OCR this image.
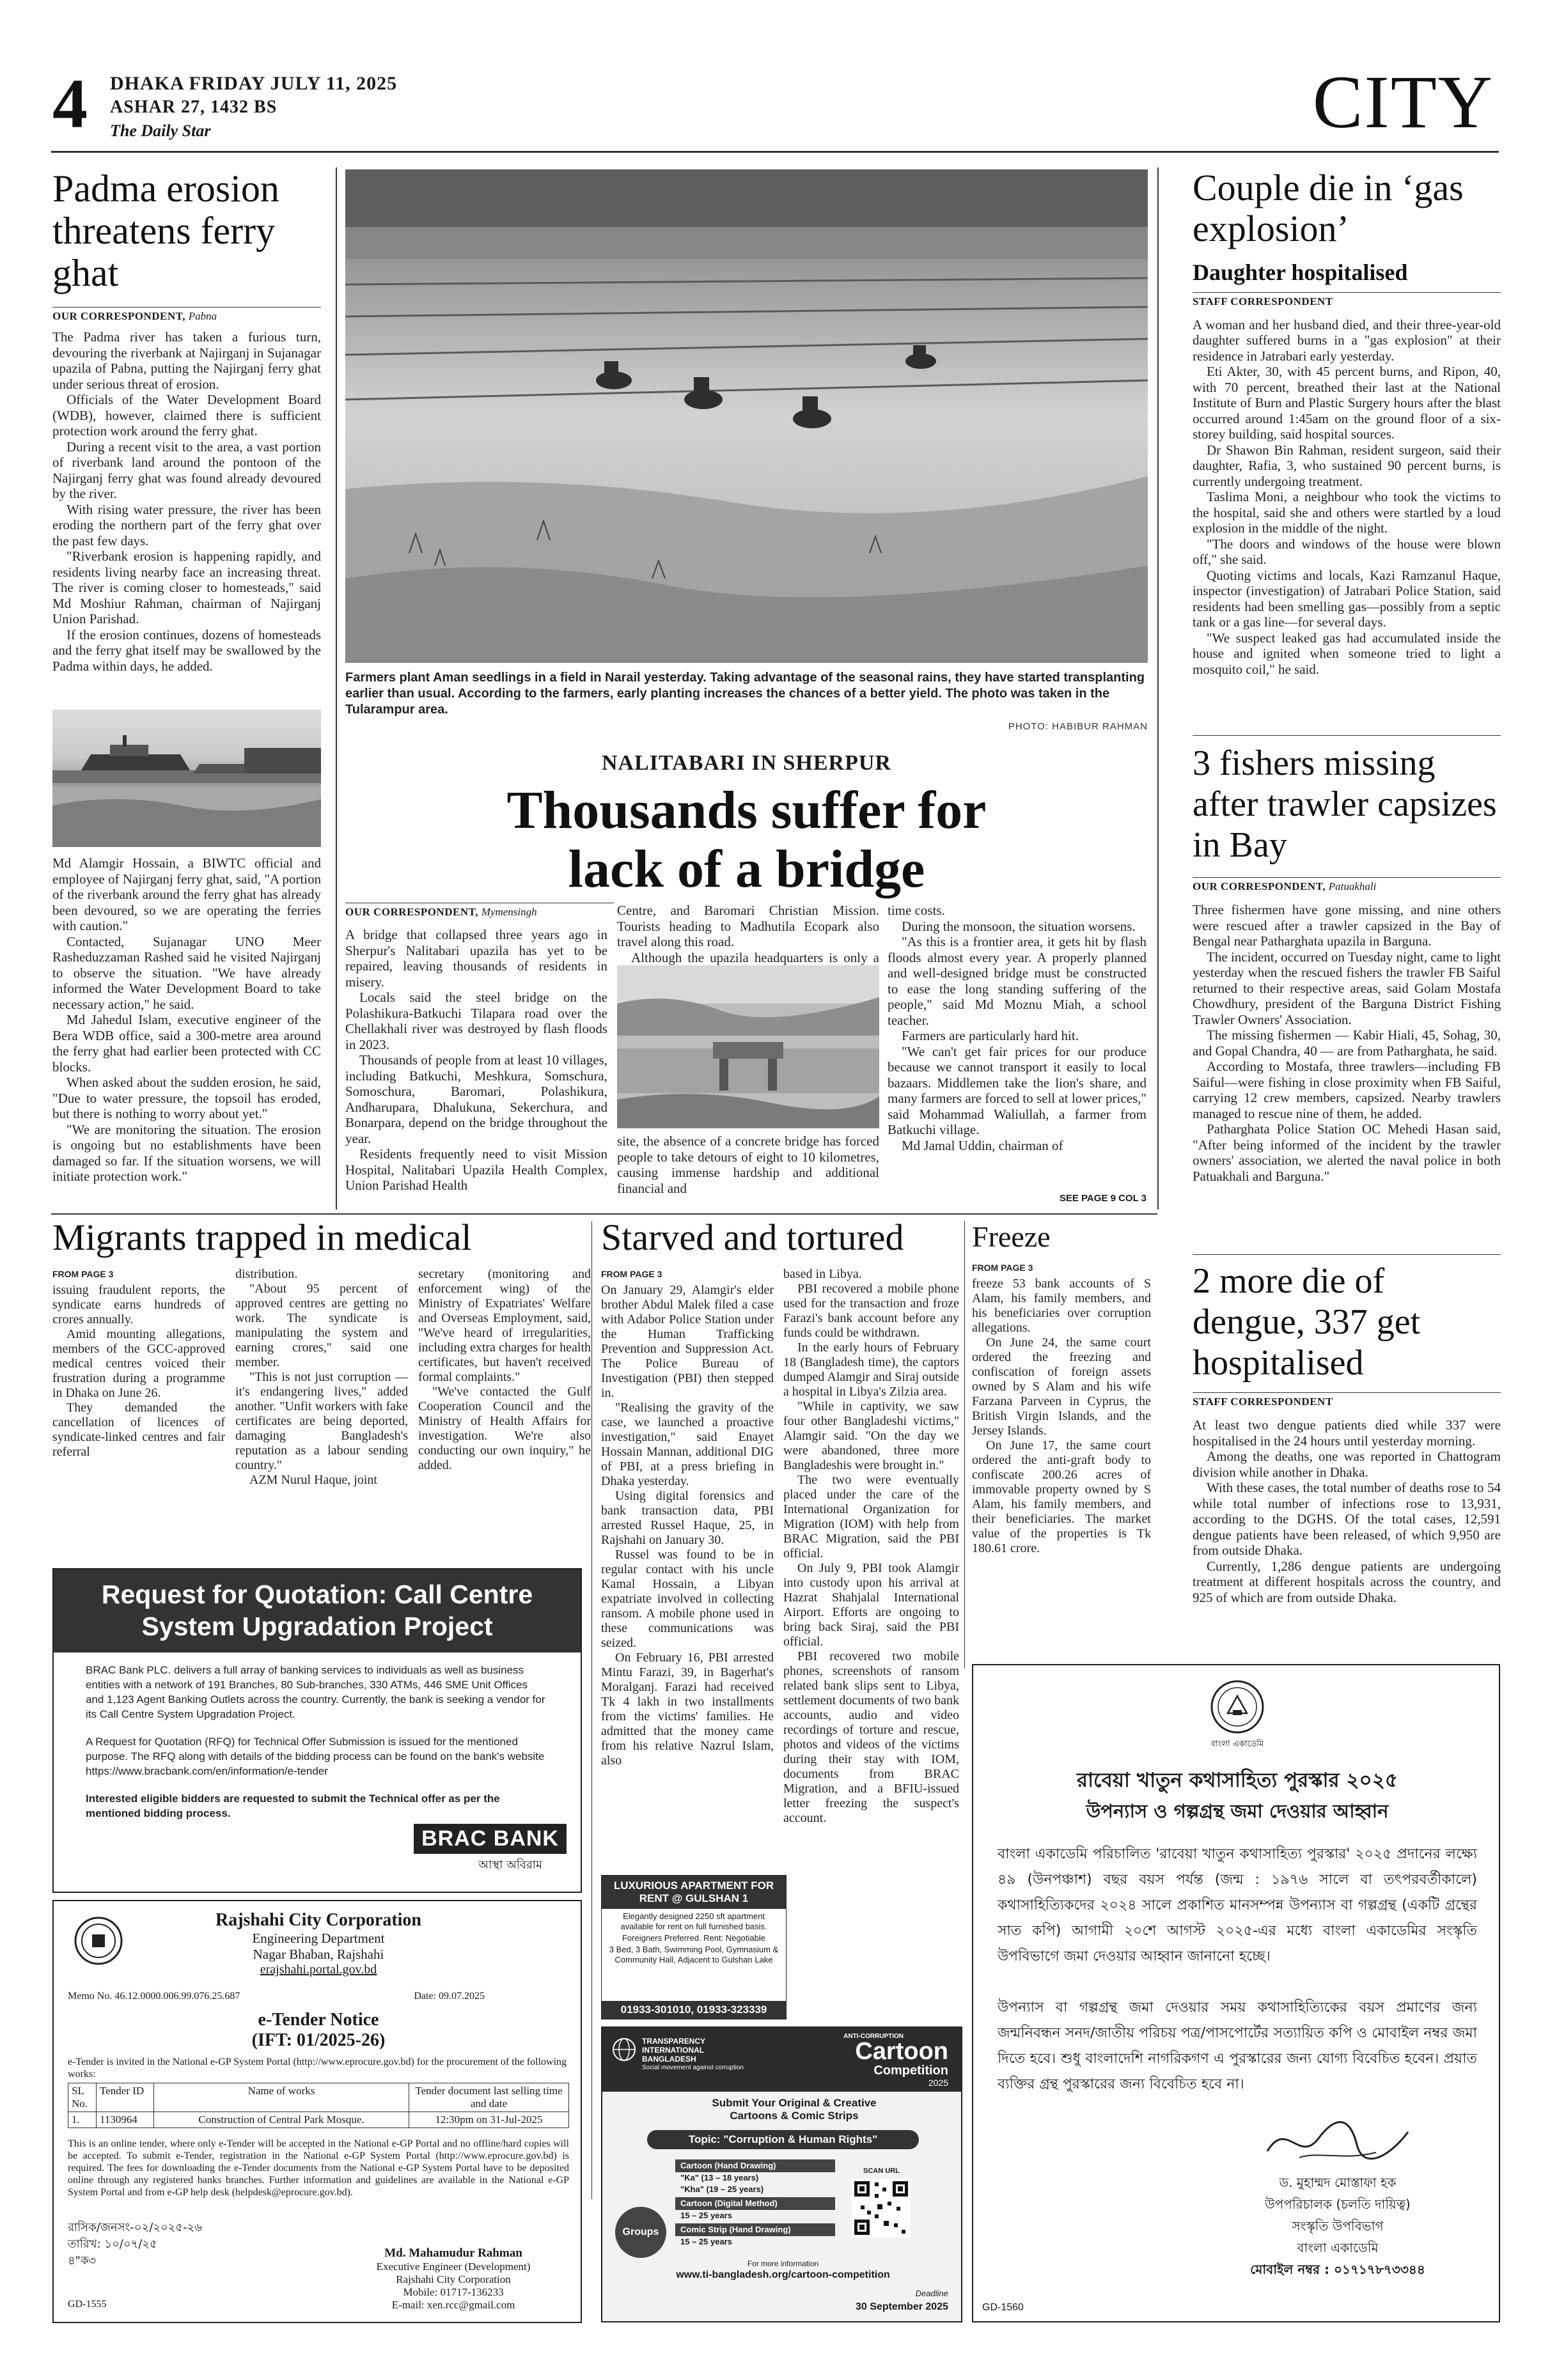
4 DHAKA FRIDAY JULY 11, 2025
ASHAR 27, 1432 BS
The Daily Star	CITY
Padma erosion threatens ferry ghat
OUR CORRESPONDENT, Pabna

The Padma river has taken a furious turn, devouring the riverbank at Najirganj in Sujanagar upazila of Pabna, putting the Najirganj ferry ghat under serious threat of erosion.

Officials of the Water Development Board (WDB), however, claimed there is sufficient protection work around the ferry ghat.

During a recent visit to the area, a vast portion of riverbank land around the pontoon of the Najirganj ferry ghat was found already devoured by the river.

With rising water pressure, the river has been eroding the northern part of the ferry ghat over the past few days.

"Riverbank erosion is happening rapidly, and residents living nearby face an increasing threat. The river is coming closer to homesteads," said Md Moshiur Rahman, chairman of Najirganj Union Parishad.

If the erosion continues, dozens of homesteads and the ferry ghat itself may be swallowed by the Padma within days, he added.

Md Alamgir Hossain, a BIWTC official and employee of Najirganj ferry ghat, said, "A portion of the riverbank around the ferry ghat has already been devoured, so we are operating the ferries with caution."

Contacted, Sujanagar UNO Meer Rasheduzzaman Rashed said he visited Najirganj to observe the situation. "We have already informed the Water Development Board to take necessary action," he said.

Md Jahedul Islam, executive engineer of the Bera WDB office, said a 300-metre area around the ferry ghat had earlier been protected with CC blocks.

When asked about the sudden erosion, he said, "Due to water pressure, the topsoil has eroded, but there is nothing to worry about yet."

"We are monitoring the situation. The erosion is ongoing but no establishments have been damaged so far. If the situation worsens, we will initiate protection work."

Farmers plant Aman seedlings in a field in Narail yesterday. Taking advantage of the seasonal rains, they have started transplanting earlier than usual. According to the farmers, early planting increases the chances of a better yield. The photo was taken in the Tularampur area.
PHOTO: HABIBUR RAHMAN
NALITABARI IN SHERPUR
Thousands suffer for lack of a bridge
OUR CORRESPONDENT, Mymensingh

A bridge that collapsed three years ago in Sherpur's Nalitabari upazila has yet to be repaired, leaving thousands of residents in misery.

Locals said the steel bridge on the Polashikura-Batkuchi Tilapara road over the Chellakhali river was destroyed by flash floods in 2023.

Thousands of people from at least 10 villages, including Batkuchi, Meshkura, Somschura, Somoschura, Baromari, Polashikura, Andharupara, Dhalukuna, Sekerchura, and Bonarpara, depend on the bridge throughout the year.

Residents frequently need to visit Mission Hospital, Nalitabari Upazila Health Complex, Union Parishad Health

Centre, and Baromari Christian Mission. Tourists heading to Madhutila Ecopark also travel along this road.

Although the upazila headquarters is only a

site, the absence of a concrete bridge has forced people to take detours of eight to 10 kilometres, causing immense hardship and additional financial and

time costs.

During the monsoon, the situation worsens.

"As this is a frontier area, it gets hit by flash floods almost every year. A properly planned and well-designed bridge must be constructed to ease the long standing suffering of the people," said Md Moznu Miah, a school teacher.

Farmers are particularly hard hit.

"We can't get fair prices for our produce because we cannot transport it easily to local bazaars. Middlemen take the lion's share, and many farmers are forced to sell at lower prices," said Mohammad Waliullah, a farmer from Batkuchi village.

Md Jamal Uddin, chairman of

SEE PAGE 9 COL 3
Couple die in ‘gas explosion’
Daughter hospitalised
STAFF CORRESPONDENT

A woman and her husband died, and their three-year-old daughter suffered burns in a "gas explosion" at their residence in Jatrabari early yesterday.

Eti Akter, 30, with 45 percent burns, and Ripon, 40, with 70 percent, breathed their last at the National Institute of Burn and Plastic Surgery hours after the blast occurred around 1:45am on the ground floor of a six-storey building, said hospital sources.

Dr Shawon Bin Rahman, resident surgeon, said their daughter, Rafia, 3, who sustained 90 percent burns, is currently undergoing treatment.

Taslima Moni, a neighbour who took the victims to the hospital, said she and others were startled by a loud explosion in the middle of the night.

"The doors and windows of the house were blown off," she said.

Quoting victims and locals, Kazi Ramzanul Haque, inspector (investigation) of Jatrabari Police Station, said residents had been smelling gas—possibly from a septic tank or a gas line—for several days.

"We suspect leaked gas had accumulated inside the house and ignited when someone tried to light a mosquito coil," he said.

3 fishers missing after trawler capsizes in Bay
OUR CORRESPONDENT, Patuakhali

Three fishermen have gone missing, and nine others were rescued after a trawler capsized in the Bay of Bengal near Patharghata upazila in Barguna.

The incident, occurred on Tuesday night, came to light yesterday when the rescued fishers the trawler FB Saiful returned to their respective areas, said Golam Mostafa Chowdhury, president of the Barguna District Fishing Trawler Owners' Association.

The missing fishermen — Kabir Hiali, 45, Sohag, 30, and Gopal Chandra, 40 — are from Patharghata, he said.

According to Mostafa, three trawlers—including FB Saiful—were fishing in close proximity when FB Saiful, carrying 12 crew members, capsized. Nearby trawlers managed to rescue nine of them, he added.

Patharghata Police Station OC Mehedi Hasan said, "After being informed of the incident by the trawler owners' association, we alerted the naval police in both Patuakhali and Barguna."

2 more die of dengue, 337 get hospitalised
STAFF CORRESPONDENT

At least two dengue patients died while 337 were hospitalised in the 24 hours until yesterday morning.

Among the deaths, one was reported in Chattogram division while another in Dhaka.

With these cases, the total number of deaths rose to 54 while total number of infections rose to 13,931, according to the DGHS. Of the total cases, 12,591 dengue patients have been released, of which 9,950 are from outside Dhaka.

Currently, 1,286 dengue patients are undergoing treatment at different hospitals across the country, and 925 of which are from outside Dhaka.

Migrants trapped in medical
FROM PAGE 3

issuing fraudulent reports, the syndicate earns hundreds of crores annually.

Amid mounting allegations, members of the GCC-approved medical centres voiced their frustration during a programme in Dhaka on June 26.

They demanded the cancellation of licences of syndicate-linked centres and fair referral

distribution.

"About 95 percent of approved centres are getting no work. The syndicate is manipulating the system and earning crores," said one member.

"This is not just corruption — it's endangering lives," added another. "Unfit workers with fake certificates are being deported, damaging Bangladesh's reputation as a labour sending country."

AZM Nurul Haque, joint

secretary (monitoring and enforcement wing) of the Ministry of Expatriates' Welfare and Overseas Employment, said, "We've heard of irregularities, including extra charges for health certificates, but haven't received formal complaints."

"We've contacted the Gulf Cooperation Council and the Ministry of Health Affairs for investigation. We're also conducting our own inquiry," he added.

Starved and tortured
FROM PAGE 3

On January 29, Alamgir's elder brother Abdul Malek filed a case with Adabor Police Station under the Human Trafficking Prevention and Suppression Act. The Police Bureau of Investigation (PBI) then stepped in.

"Realising the gravity of the case, we launched a proactive investigation," said Enayet Hossain Mannan, additional DIG of PBI, at a press briefing in Dhaka yesterday.

Using digital forensics and bank transaction data, PBI arrested Russel Haque, 25, in Rajshahi on January 30.

Russel was found to be in regular contact with his uncle Kamal Hossain, a Libyan expatriate involved in collecting ransom. A mobile phone used in these communications was seized.

On February 16, PBI arrested Mintu Farazi, 39, in Bagerhat's Moralganj. Farazi had received Tk 4 lakh in two installments from the victims' families. He admitted that the money came from his relative Nazrul Islam, also

based in Libya.

PBI recovered a mobile phone used for the transaction and froze Farazi's bank account before any funds could be withdrawn.

In the early hours of February 18 (Bangladesh time), the captors dumped Alamgir and Siraj outside a hospital in Libya's Zilzia area.

"While in captivity, we saw four other Bangladeshi victims," Alamgir said. "On the day we were abandoned, three more Bangladeshis were brought in."

The two were eventually placed under the care of the International Organization for Migration (IOM) with help from BRAC Migration, said the PBI official.

On July 9, PBI took Alamgir into custody upon his arrival at Hazrat Shahjalal International Airport. Efforts are ongoing to bring back Siraj, said the PBI official.

PBI recovered two mobile phones, screenshots of ransom related bank slips sent to Libya, settlement documents of two bank accounts, audio and video recordings of torture and rescue, photos and videos of the victims during their stay with IOM, documents from BRAC Migration, and a BFIU-issued letter freezing the suspect's account.

Freeze
FROM PAGE 3

freeze 53 bank accounts of S Alam, his family members, and his beneficiaries over corruption allegations.

On June 24, the same court ordered the freezing and confiscation of foreign assets owned by S Alam and his wife Farzana Parveen in Cyprus, the British Virgin Islands, and the Jersey Islands.

On June 17, the same court ordered the anti-graft body to confiscate 200.26 acres of immovable property owned by S Alam, his family members, and their beneficiaries. The market value of the properties is Tk 180.61 crore.

Request for Quotation: Call Centre System Upgradation Project

BRAC Bank PLC. delivers a full array of banking services to individuals as well as business entities with a network of 191 Branches, 80 Sub-branches, 330 ATMs, 446 SME Unit Offices and 1,123 Agent Banking Outlets across the country. Currently, the bank is seeking a vendor for its Call Centre System Upgradation Project.

A Request for Quotation (RFQ) for Technical Offer Submission is issued for the mentioned purpose. The RFQ along with details of the bidding process can be found on the bank's website https://www.bracbank.com/en/information/e-tender

Interested eligible bidders are requested to submit the Technical offer as per the mentioned bidding process.

BRAC BANK
আস্থা অবিরাম
Rajshahi City Corporation
Engineering Department
Nagar Bhaban, Rajshahi
erajshahi.portal.gov.bd
Memo No. 46.12.0000.006.99.076.25.687	Date: 09.07.2025
e-Tender Notice
(IFT: 01/2025-26)
e-Tender is invited in the National e-GP System Portal (http://www.eprocure.gov.bd) for the procurement of the following works:
SL No.	Tender ID	Name of works	Tender document last selling time and date
1.	1130964	Construction of Central Park Mosque.	12:30pm on 31-Jul-2025
This is an online tender, where only e-Tender will be accepted in the National e-GP Portal and no offline/hard copies will be accepted. To submit e-Tender, registration in the National e-GP System Portal (http://www.eprocure.gov.bd) is required. The fees for downloading the e-Tender documents from the National e-GP System Portal have to be deposited online through any registered banks branches. Further information and guidelines are available in the National e-GP System Portal and from e-GP help desk (helpdesk@eprocure.gov.bd).
রাসিক/জনসং-০২/২০২৫-২৬
তারিখ: ১০/০৭/২৫
৪"ক৩
Md. Mahamudur Rahman
Executive Engineer (Development)
Rajshahi City Corporation
Mobile: 01717-136233
E-mail: xen.rcc@gmail.com
GD-1555
LUXURIOUS APARTMENT FOR RENT @ GULSHAN 1
Elegantly designed 2250 sft apartment available for rent on full furnished basis.
Foreigners Preferred. Rent: Negotiable
3 Bed, 3 Bath, Swimming Pool, Gymnasium & Community Hall, Adjacent to Gulshan Lake
01933-301010, 01933-323339
TRANSPARENCY
INTERNATIONAL
BANGLADESH
Social movement against corruption
ANTI-CORRUPTION
Cartoon
Competition
2025
Submit Your Original & Creative Cartoons & Comic Strips
Topic: "Corruption & Human Rights"
Groups
Cartoon (Hand Drawing)
"Ka" (13 – 18 years)
"Kha" (19 – 25 years)
Cartoon (Digital Method)
15 – 25 years
Comic Strip (Hand Drawing)
15 – 25 years
SCAN URL
For more information
www.ti-bangladesh.org/cartoon-competition
Deadline
30 September 2025
বাংলা একাডেমি
রাবেয়া খাতুন কথাসাহিত্য পুরস্কার ২০২৫
উপন্যাস ও গল্পগ্রন্থ জমা দেওয়ার আহ্বান
বাংলা একাডেমি পরিচালিত 'রাবেয়া খাতুন কথাসাহিত্য পুরস্কার' ২০২৫ প্রদানের লক্ষ্যে ৪৯ (উনপঞ্চাশ) বছর বয়স পর্যন্ত (জন্ম : ১৯৭৬ সালে বা তৎপরবর্তীকালে) কথাসাহিত্যিকদের ২০২৪ সালে প্রকাশিত মানসম্পন্ন উপন্যাস বা গল্পগ্রন্থ (একটি গ্রন্থের সাত কপি) আগামী ২০শে আগস্ট ২০২৫-এর মধ্যে বাংলা একাডেমির সংস্কৃতি উপবিভাগে জমা দেওয়ার আহ্বান জানানো হচ্ছে।
উপন্যাস বা গল্পগ্রন্থ জমা দেওয়ার সময় কথাসাহিত্যিকের বয়স প্রমাণের জন্য জন্মনিবন্ধন সনদ/জাতীয় পরিচয় পত্র/পাসপোর্টের সত্যায়িত কপি ও মোবাইল নম্বর জমা দিতে হবে। শুধু বাংলাদেশি নাগরিকগণ এ পুরস্কারের জন্য যোগ্য বিবেচিত হবেন। প্রয়াত ব্যক্তির গ্রন্থ পুরস্কারের জন্য বিবেচিত হবে না।
ড. মুহাম্মদ মোস্তাফা হক
উপপরিচালক (চলতি দায়িত্ব)
সংস্কৃতি উপবিভাগ
বাংলা একাডেমি
মোবাইল নম্বর : ০১৭১৭৮৭৩৩৪৪
GD-1560
